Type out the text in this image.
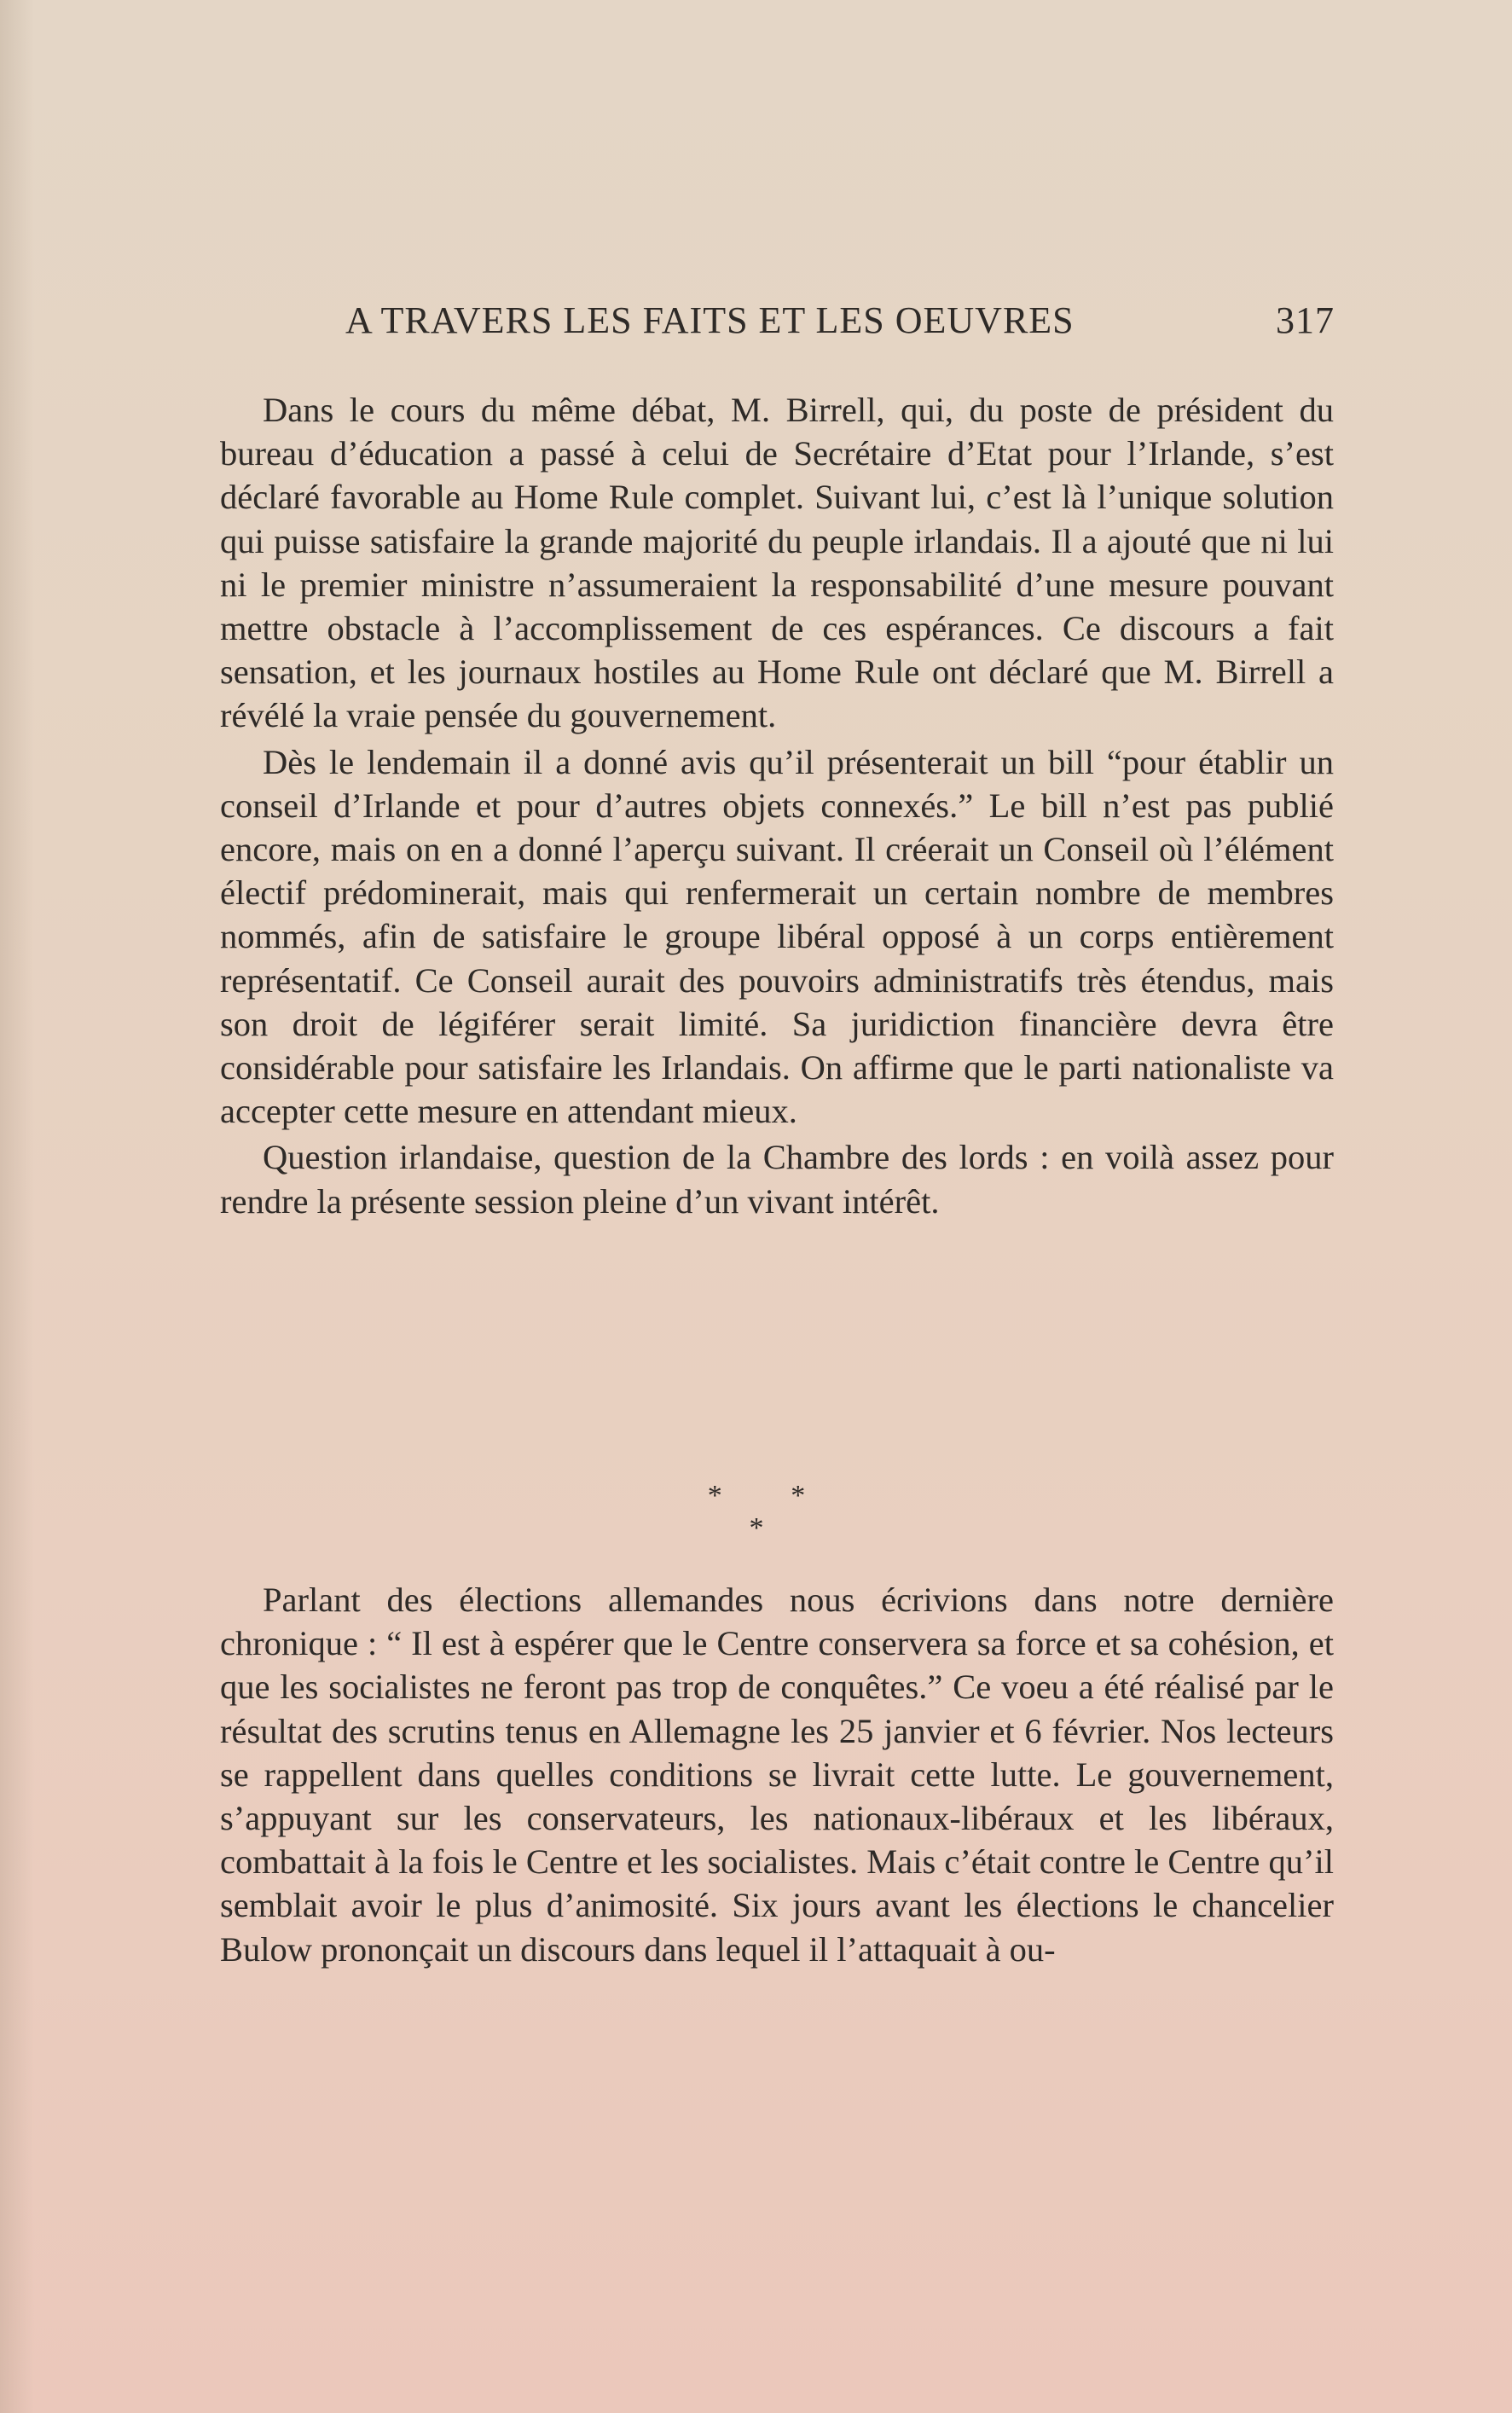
A TRAVERS LES FAITS ET LES OEUVRES	317

Dans le cours du même débat, M. Birrell, qui, du poste de président du bureau d’éducation a passé à celui de Secrétaire d’Etat pour l’Irlande, s’est déclaré favorable au Home Rule complet. Suivant lui, c’est là l’unique solution qui puisse satisfaire la grande majorité du peuple irlandais. Il a ajouté que ni lui ni le premier ministre n’assumeraient la responsabilité d’une mesure pouvant mettre obstacle à l’accomplissement de ces espérances. Ce discours a fait sensation, et les journaux hostiles au Home Rule ont déclaré que M. Birrell a révélé la vraie pensée du gouvernement.

Dès le lendemain il a donné avis qu’il présenterait un bill “pour établir un conseil d’Irlande et pour d’autres objets connexés.” Le bill n’est pas publié encore, mais on en a donné l’aperçu suivant. Il créerait un Conseil où l’élément électif prédominerait, mais qui renfermerait un certain nombre de membres nommés, afin de satisfaire le groupe libéral opposé à un corps entièrement représentatif. Ce Conseil aurait des pouvoirs administratifs très étendus, mais son droit de légiférer serait limité. Sa juridiction financière devra être considérable pour satisfaire les Irlandais. On affirme que le parti nationaliste va accepter cette mesure en attendant mieux.

Question irlandaise, question de la Chambre des lords : en voilà assez pour rendre la présente session pleine d’un vivant intérêt.

* * *

Parlant des élections allemandes nous écrivions dans notre dernière chronique : “ Il est à espérer que le Centre conservera sa force et sa cohésion, et que les socialistes ne feront pas trop de conquêtes.” Ce voeu a été réalisé par le résultat des scrutins tenus en Allemagne les 25 janvier et 6 février. Nos lecteurs se rappellent dans quelles conditions se livrait cette lutte. Le gouvernement, s’appuyant sur les conservateurs, les nationaux-libéraux et les libéraux, combattait à la fois le Centre et les socialistes. Mais c’était contre le Centre qu’il semblait avoir le plus d’animosité. Six jours avant les élections le chancelier Bulow prononçait un discours dans lequel il l’attaquait à ou-
